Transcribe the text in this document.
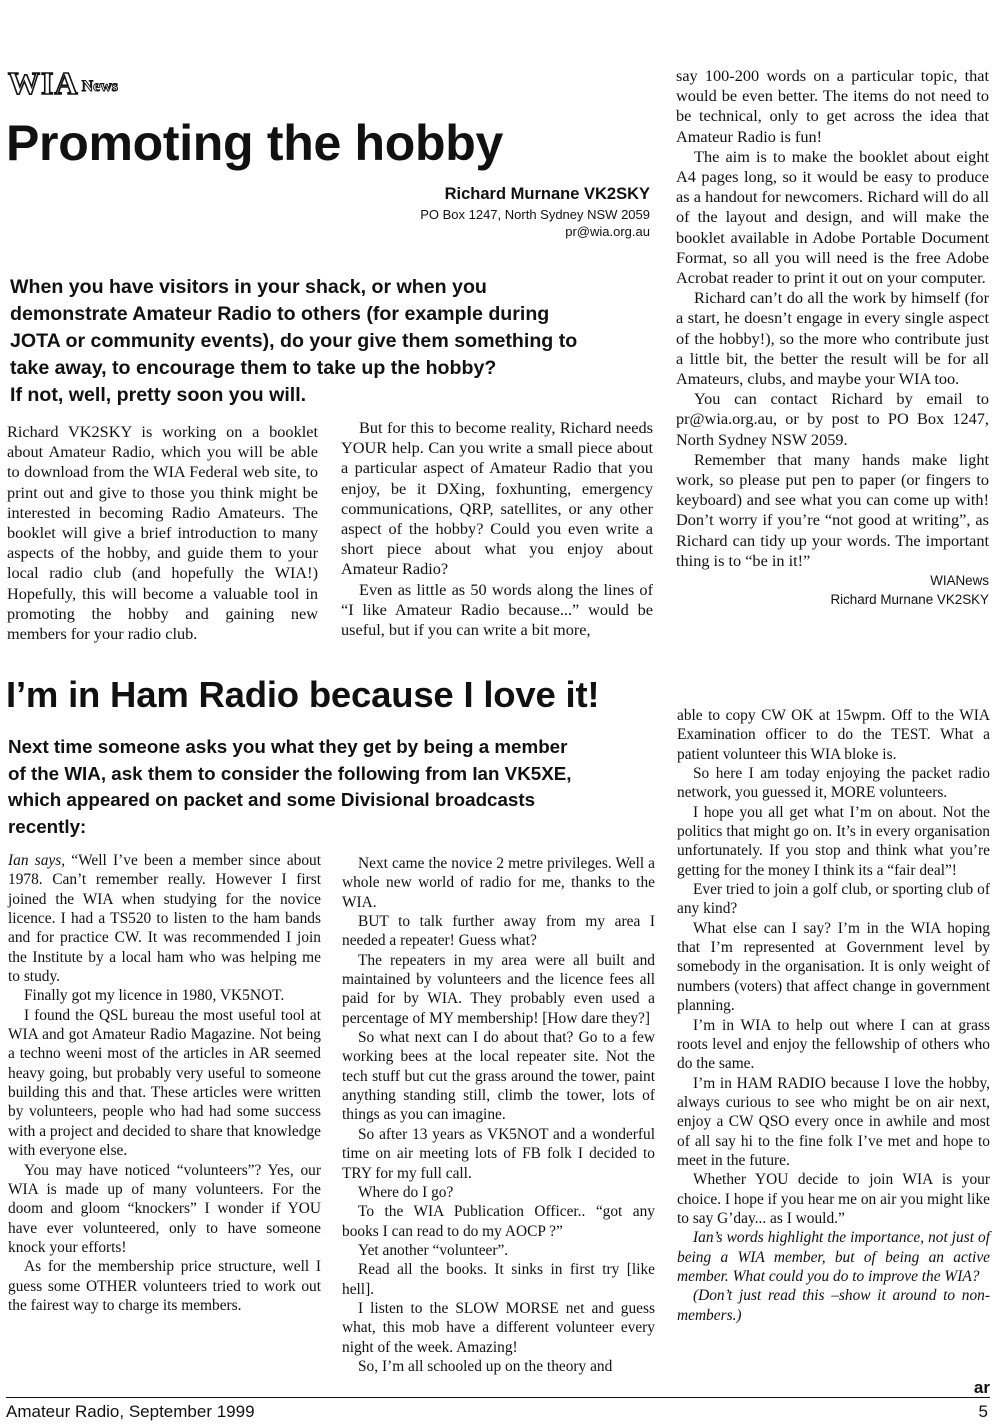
WIA News
Promoting the hobby
Richard Murnane VK2SKY
PO Box 1247, North Sydney NSW 2059
pr@wia.org.au
When you have visitors in your shack, or when you
demonstrate Amateur Radio to others (for example during
JOTA or community events), do your give them something to
take away, to encourage them to take up the hobby?
If not, well, pretty soon you will.

Richard VK2SKY is working on a booklet about Amateur Radio, which you will be able to download from the WIA Federal web site, to print out and give to those you think might be interested in becoming Radio Amateurs. The booklet will give a brief introduction to many aspects of the hobby, and guide them to your local radio club (and hopefully the WIA!) Hopefully, this will become a valuable tool in promoting the hobby and gaining new members for your radio club.

But for this to become reality, Richard needs YOUR help. Can you write a small piece about a particular aspect of Amateur Radio that you enjoy, be it DXing, foxhunting, emergency communications, QRP, satellites, or any other aspect of the hobby? Could you even write a short piece about what you enjoy about Amateur Radio?

Even as little as 50 words along the lines of “I like Amateur Radio because...” would be useful, but if you can write a bit more,

say 100-200 words on a particular topic, that would be even better. The items do not need to be technical, only to get across the idea that Amateur Radio is fun!

The aim is to make the booklet about eight A4 pages long, so it would be easy to produce as a handout for newcomers. Richard will do all of the layout and design, and will make the booklet available in Adobe Portable Document Format, so all you will need is the free Adobe Acrobat reader to print it out on your computer.

Richard can’t do all the work by himself (for a start, he doesn’t engage in every single aspect of the hobby!), so the more who contribute just a little bit, the better the result will be for all Amateurs, clubs, and maybe your WIA too.

You can contact Richard by email to pr@wia.org.au, or by post to PO Box 1247, North Sydney NSW 2059.

Remember that many hands make light work, so please put pen to paper (or fingers to keyboard) and see what you can come up with! Don’t worry if you’re “not good at writing”, as Richard can tidy up your words. The important thing is to “be in it!”

WIANews
Richard Murnane VK2SKY
I’m in Ham Radio because I love it!
Next time someone asks you what they get by being a member
of the WIA, ask them to consider the following from Ian VK5XE,
which appeared on packet and some Divisional broadcasts
recently:

Ian says, “Well I’ve been a member since about 1978. Can’t remember really. However I first joined the WIA when studying for the novice licence. I had a TS520 to listen to the ham bands and for practice CW. It was recommended I join the Institute by a local ham who was helping me to study.

Finally got my licence in 1980, VK5NOT.

I found the QSL bureau the most useful tool at WIA and got Amateur Radio Magazine. Not being a techno weeni most of the articles in AR seemed heavy going, but probably very useful to someone building this and that. These articles were written by volunteers, people who had had some success with a project and decided to share that knowledge with everyone else.

You may have noticed “volunteers”? Yes, our WIA is made up of many volunteers. For the doom and gloom “knockers” I wonder if YOU have ever volunteered, only to have someone knock your efforts!

As for the membership price structure, well I guess some OTHER volunteers tried to work out the fairest way to charge its members.

Next came the novice 2 metre privileges. Well a whole new world of radio for me, thanks to the WIA.

BUT to talk further away from my area I needed a repeater! Guess what?

The repeaters in my area were all built and maintained by volunteers and the licence fees all paid for by WIA. They probably even used a percentage of MY membership! [How dare they?]

So what next can I do about that? Go to a few working bees at the local repeater site. Not the tech stuff but cut the grass around the tower, paint anything standing still, climb the tower, lots of things as you can imagine.

So after 13 years as VK5NOT and a wonderful time on air meeting lots of FB folk I decided to TRY for my full call.

Where do I go?

To the WIA Publication Officer.. “got any books I can read to do my AOCP ?”

Yet another “volunteer”.

Read all the books. It sinks in first try [like hell].

I listen to the SLOW MORSE net and guess what, this mob have a different volunteer every night of the week. Amazing!

So, I’m all schooled up on the theory and

able to copy CW OK at 15wpm. Off to the WIA Examination officer to do the TEST. What a patient volunteer this WIA bloke is.

So here I am today enjoying the packet radio network, you guessed it, MORE volunteers.

I hope you all get what I’m on about. Not the politics that might go on. It’s in every organisation unfortunately. If you stop and think what you’re getting for the money I think its a “fair deal”!

Ever tried to join a golf club, or sporting club of any kind?

What else can I say? I’m in the WIA hoping that I’m represented at Government level by somebody in the organisation. It is only weight of numbers (voters) that affect change in government planning.

I’m in WIA to help out where I can at grass roots level and enjoy the fellowship of others who do the same.

I’m in HAM RADIO because I love the hobby, always curious to see who might be on air next, enjoy a CW QSO every once in awhile and most of all say hi to the fine folk I’ve met and hope to meet in the future.

Whether YOU decide to join WIA is your choice. I hope if you hear me on air you might like to say G’day... as I would.”

Ian’s words highlight the importance, not just of being a WIA member, but of being an active member. What could you do to improve the WIA?

(Don’t just read this –show it around to non-members.)

ar
Amateur Radio, September 1999	5
